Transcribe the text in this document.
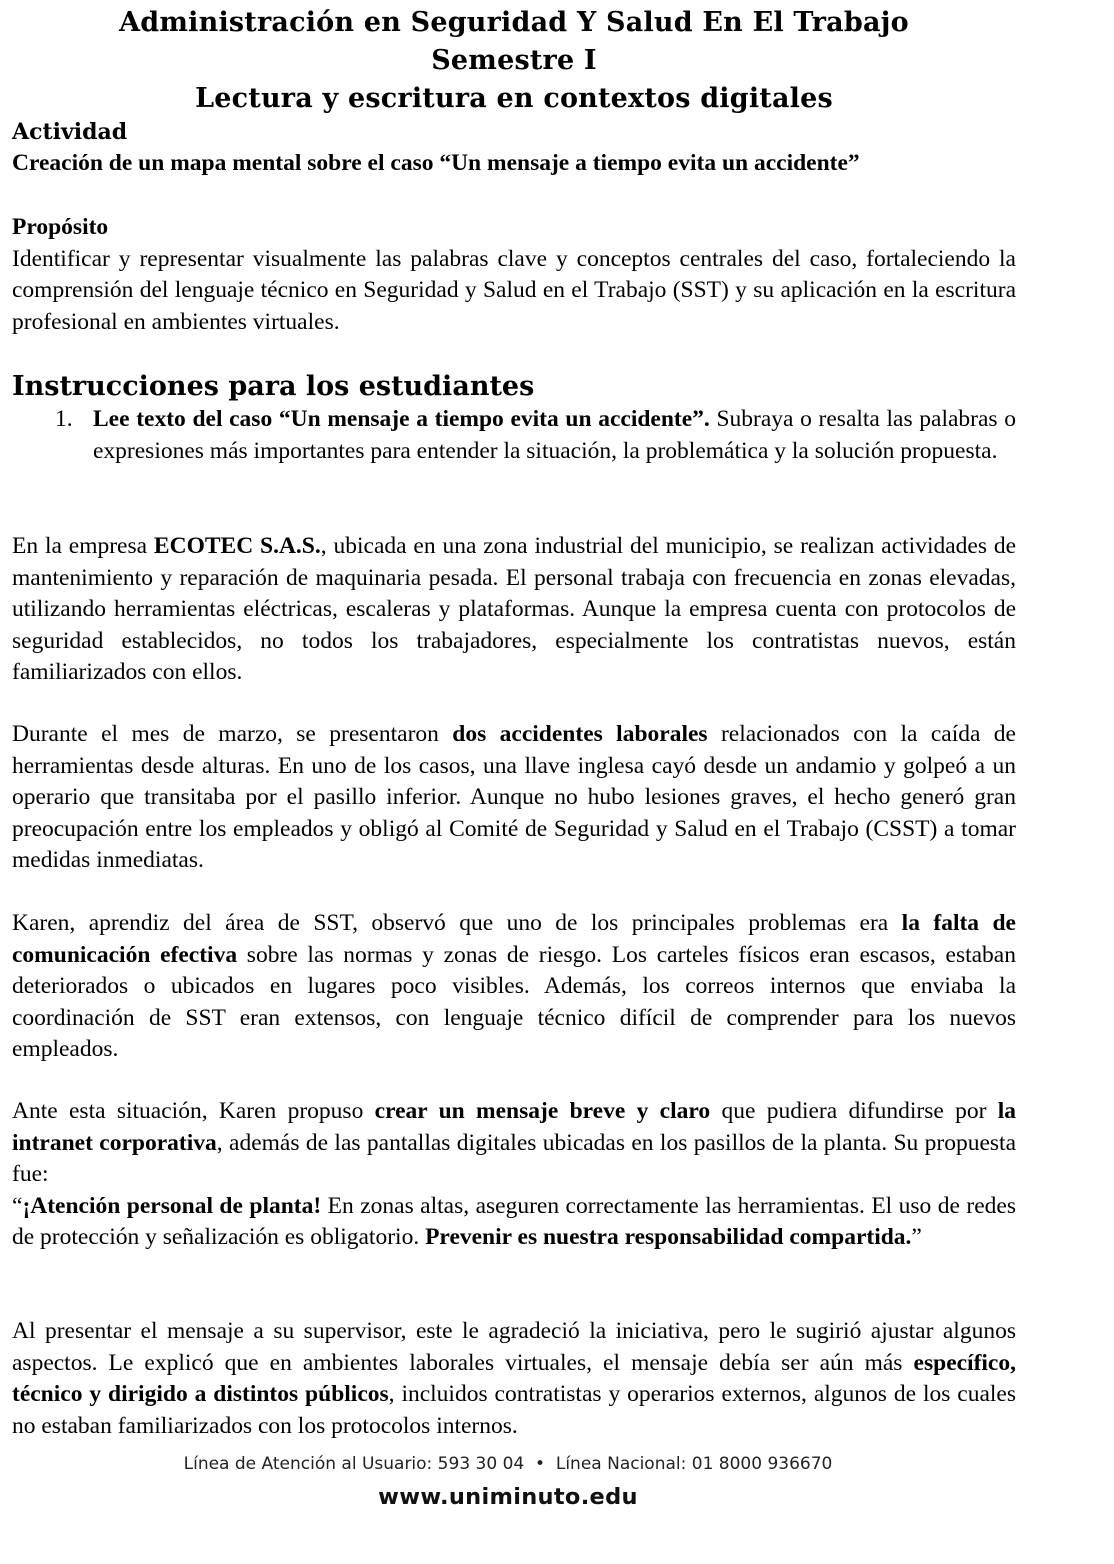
Administración en Seguridad Y Salud En El Trabajo
Semestre I
Lectura y escritura en contextos digitales
Actividad
Creación de un mapa mental sobre el caso “Un mensaje a tiempo evita un accidente”
Propósito

Identificar y representar visualmente las palabras clave y conceptos centrales del caso, fortaleciendo la comprensión del lenguaje técnico en Seguridad y Salud en el Trabajo (SST) y su aplicación en la escritura profesional en ambientes virtuales.

Instrucciones para los estudiantes
1. Lee texto del caso “Un mensaje a tiempo evita un accidente”. Subraya o resalta las palabras o expresiones más importantes para entender la situación, la problemática y la solución propuesta.

En la empresa ECOTEC S.A.S., ubicada en una zona industrial del municipio, se realizan actividades de mantenimiento y reparación de maquinaria pesada. El personal trabaja con frecuencia en zonas elevadas, utilizando herramientas eléctricas, escaleras y plataformas. Aunque la empresa cuenta con protocolos de seguridad establecidos, no todos los trabajadores, especialmente los contratistas nuevos, están familiarizados con ellos.

Durante el mes de marzo, se presentaron dos accidentes laborales relacionados con la caída de herramientas desde alturas. En uno de los casos, una llave inglesa cayó desde un andamio y golpeó a un operario que transitaba por el pasillo inferior. Aunque no hubo lesiones graves, el hecho generó gran preocupación entre los empleados y obligó al Comité de Seguridad y Salud en el Trabajo (CSST) a tomar medidas inmediatas.

Karen, aprendiz del área de SST, observó que uno de los principales problemas era la falta de comunicación efectiva sobre las normas y zonas de riesgo. Los carteles físicos eran escasos, estaban deteriorados o ubicados en lugares poco visibles. Además, los correos internos que enviaba la coordinación de SST eran extensos, con lenguaje técnico difícil de comprender para los nuevos empleados.

Ante esta situación, Karen propuso crear un mensaje breve y claro que pudiera difundirse por la intranet corporativa, además de las pantallas digitales ubicadas en los pasillos de la planta. Su propuesta fue:

“¡Atención personal de planta! En zonas altas, aseguren correctamente las herramientas. El uso de redes de protección y señalización es obligatorio. Prevenir es nuestra responsabilidad compartida.”

Al presentar el mensaje a su supervisor, este le agradeció la iniciativa, pero le sugirió ajustar algunos aspectos. Le explicó que en ambientes laborales virtuales, el mensaje debía ser aún más específico, técnico y dirigido a distintos públicos, incluidos contratistas y operarios externos, algunos de los cuales no estaban familiarizados con los protocolos internos.

Línea de Atención al Usuario: 593 30 04  •  Línea Nacional: 01 8000 936670
www.uniminuto.edu
